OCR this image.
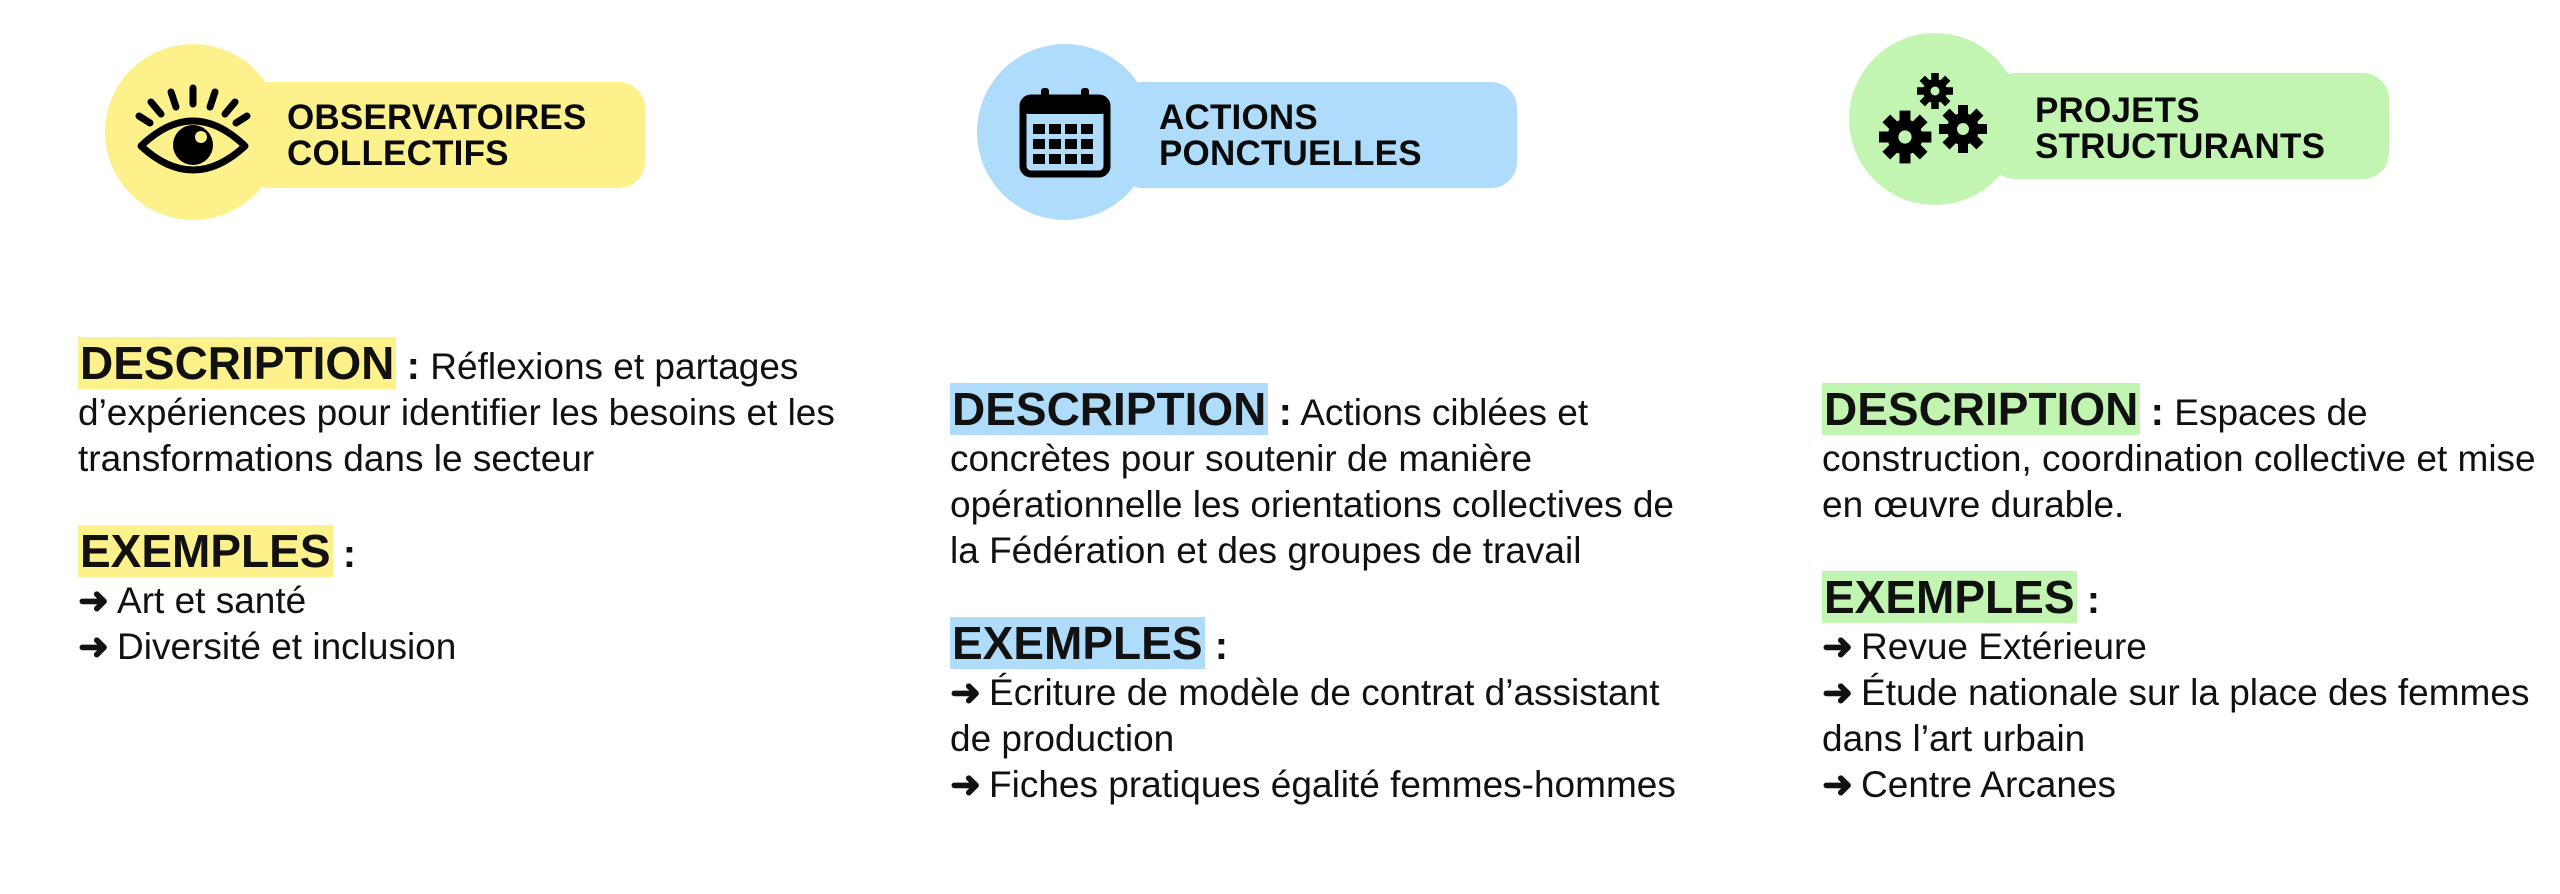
OBSERVATOIRES
COLLECTIFS

DESCRIPTION : Réflexions et partages d’expériences pour identifier les besoins et les transformations dans le secteur

EXEMPLES :
➜ Art et santé
➜ Diversité et inclusion

ACTIONS
PONCTUELLES

DESCRIPTION : Actions ciblées et concrètes pour soutenir de manière opérationnelle les orientations collectives de la Fédération et des groupes de travail

EXEMPLES :
➜ Écriture de modèle de contrat d’assistant de production
➜ Fiches pratiques égalité femmes-hommes

PROJETS
STRUCTURANTS

DESCRIPTION : Espaces de construction, coordination collective et mise en œuvre durable.

EXEMPLES :
➜ Revue Extérieure
➜ Étude nationale sur la place des femmes dans l’art urbain
➜ Centre Arcanes
